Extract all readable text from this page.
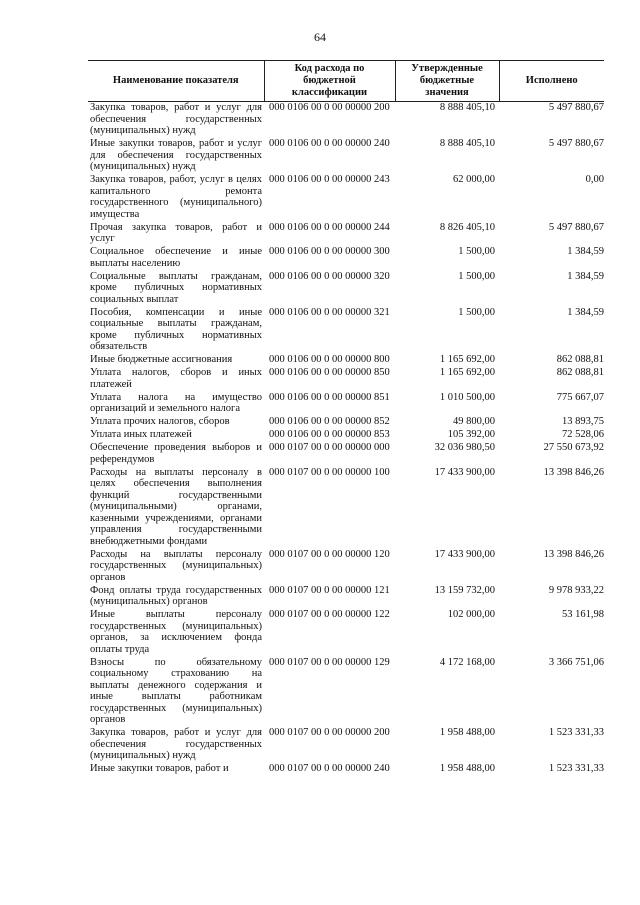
64
Наименование показателя	Код расхода по бюджетной классификации	Утвержденные бюджетные значения	Исполнено
Закупка товаров, работ и услуг для обеспечения государственных (муниципальных) нужд	000 0106 00 0 00 00000 200	8 888 405,10	5 497 880,67
Иные закупки товаров, работ и услуг для обеспечения государственных (муниципальных) нужд	000 0106 00 0 00 00000 240	8 888 405,10	5 497 880,67
Закупка товаров, работ, услуг в целях капитального ремонта государственного (муниципального) имущества	000 0106 00 0 00 00000 243	62 000,00	0,00
Прочая закупка товаров, работ и услуг	000 0106 00 0 00 00000 244	8 826 405,10	5 497 880,67
Социальное обеспечение и иные выплаты населению	000 0106 00 0 00 00000 300	1 500,00	1 384,59
Социальные выплаты гражданам, кроме публичных нормативных социальных выплат	000 0106 00 0 00 00000 320	1 500,00	1 384,59
Пособия, компенсации и иные социальные выплаты гражданам, кроме публичных нормативных обязательств	000 0106 00 0 00 00000 321	1 500,00	1 384,59
Иные бюджетные ассигнования	000 0106 00 0 00 00000 800	1 165 692,00	862 088,81
Уплата налогов, сборов и иных платежей	000 0106 00 0 00 00000 850	1 165 692,00	862 088,81
Уплата налога на имущество организаций и земельного налога	000 0106 00 0 00 00000 851	1 010 500,00	775 667,07
Уплата прочих налогов, сборов	000 0106 00 0 00 00000 852	49 800,00	13 893,75
Уплата иных платежей	000 0106 00 0 00 00000 853	105 392,00	72 528,06
Обеспечение проведения выборов и референдумов	000 0107 00 0 00 00000 000	32 036 980,50	27 550 673,92
Расходы на выплаты персоналу в целях обеспечения выполнения функций государственными (муниципальными) органами, казенными учреждениями, органами управления государственными внебюджетными фондами	000 0107 00 0 00 00000 100	17 433 900,00	13 398 846,26
Расходы на выплаты персоналу государственных (муниципальных) органов	000 0107 00 0 00 00000 120	17 433 900,00	13 398 846,26
Фонд оплаты труда государственных (муниципальных) органов	000 0107 00 0 00 00000 121	13 159 732,00	9 978 933,22
Иные выплаты персоналу государственных (муниципальных) органов, за исключением фонда оплаты труда	000 0107 00 0 00 00000 122	102 000,00	53 161,98
Взносы по обязательному социальному страхованию на выплаты денежного содержания и иные выплаты работникам государственных (муниципальных) органов	000 0107 00 0 00 00000 129	4 172 168,00	3 366 751,06
Закупка товаров, работ и услуг для обеспечения государственных (муниципальных) нужд	000 0107 00 0 00 00000 200	1 958 488,00	1 523 331,33
Иные закупки товаров, работ и	000 0107 00 0 00 00000 240	1 958 488,00	1 523 331,33
